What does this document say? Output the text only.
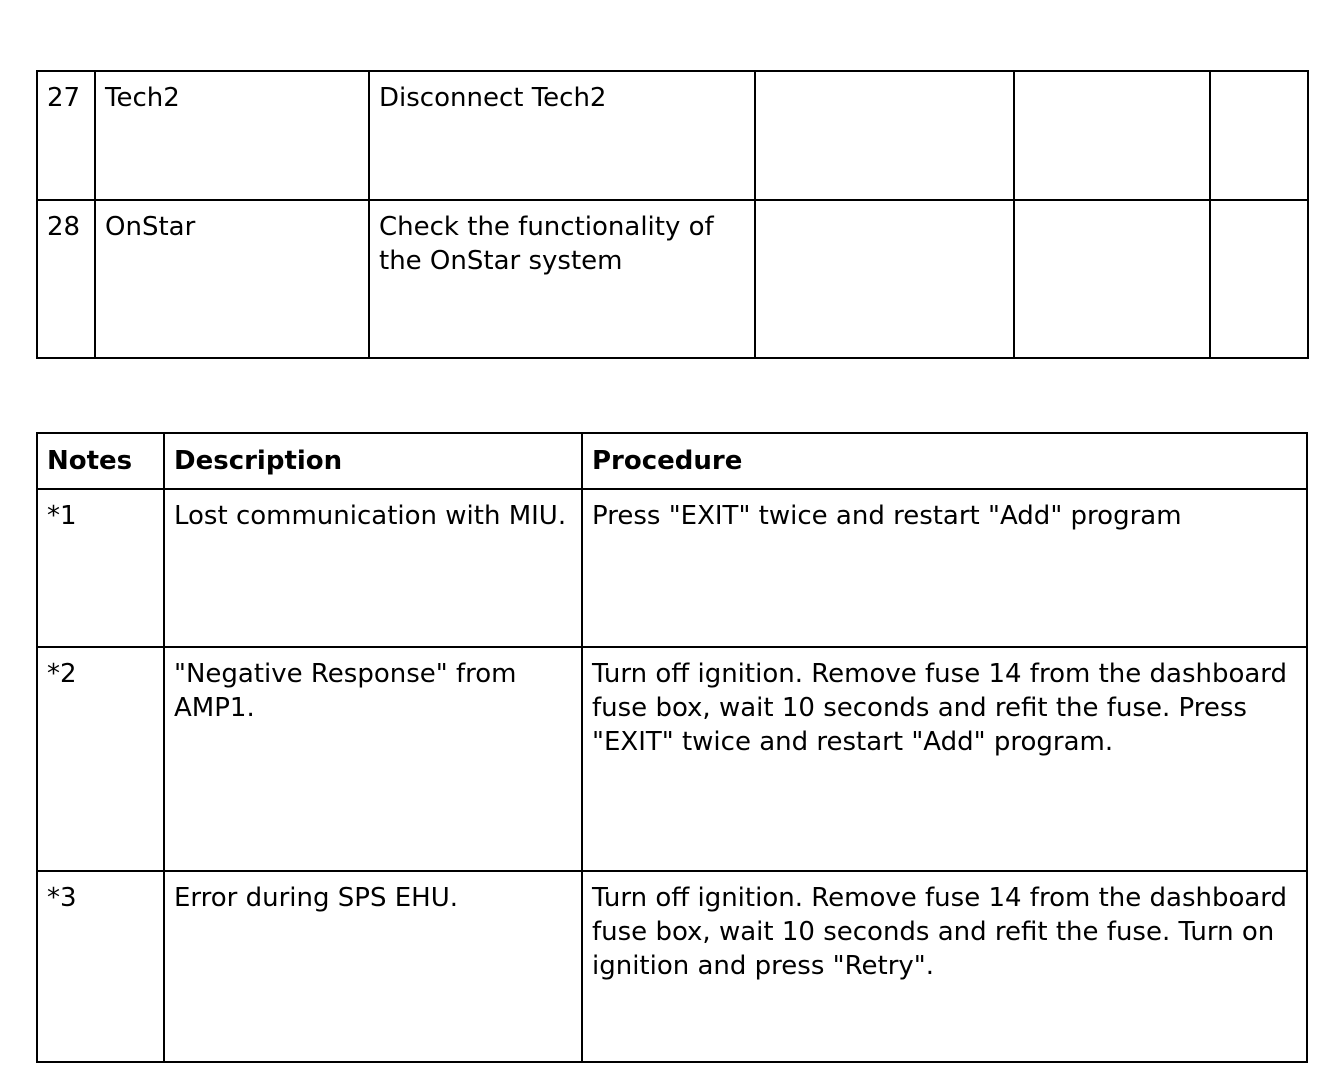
27	Tech2	Disconnect Tech2			
28	OnStar	Check the functionality of the OnStar system			
Notes	Description	Procedure
*1	Lost communication with MIU.	Press "EXIT" twice and restart "Add" program
*2	"Negative Response" from AMP1.	Turn off ignition. Remove fuse 14 from the dashboard fuse box, wait 10 seconds and refit the fuse. Press "EXIT" twice and restart "Add" program.
*3	Error during SPS EHU.	Turn off ignition. Remove fuse 14 from the dashboard fuse box, wait 10 seconds and refit the fuse. Turn on ignition and press "Retry".
